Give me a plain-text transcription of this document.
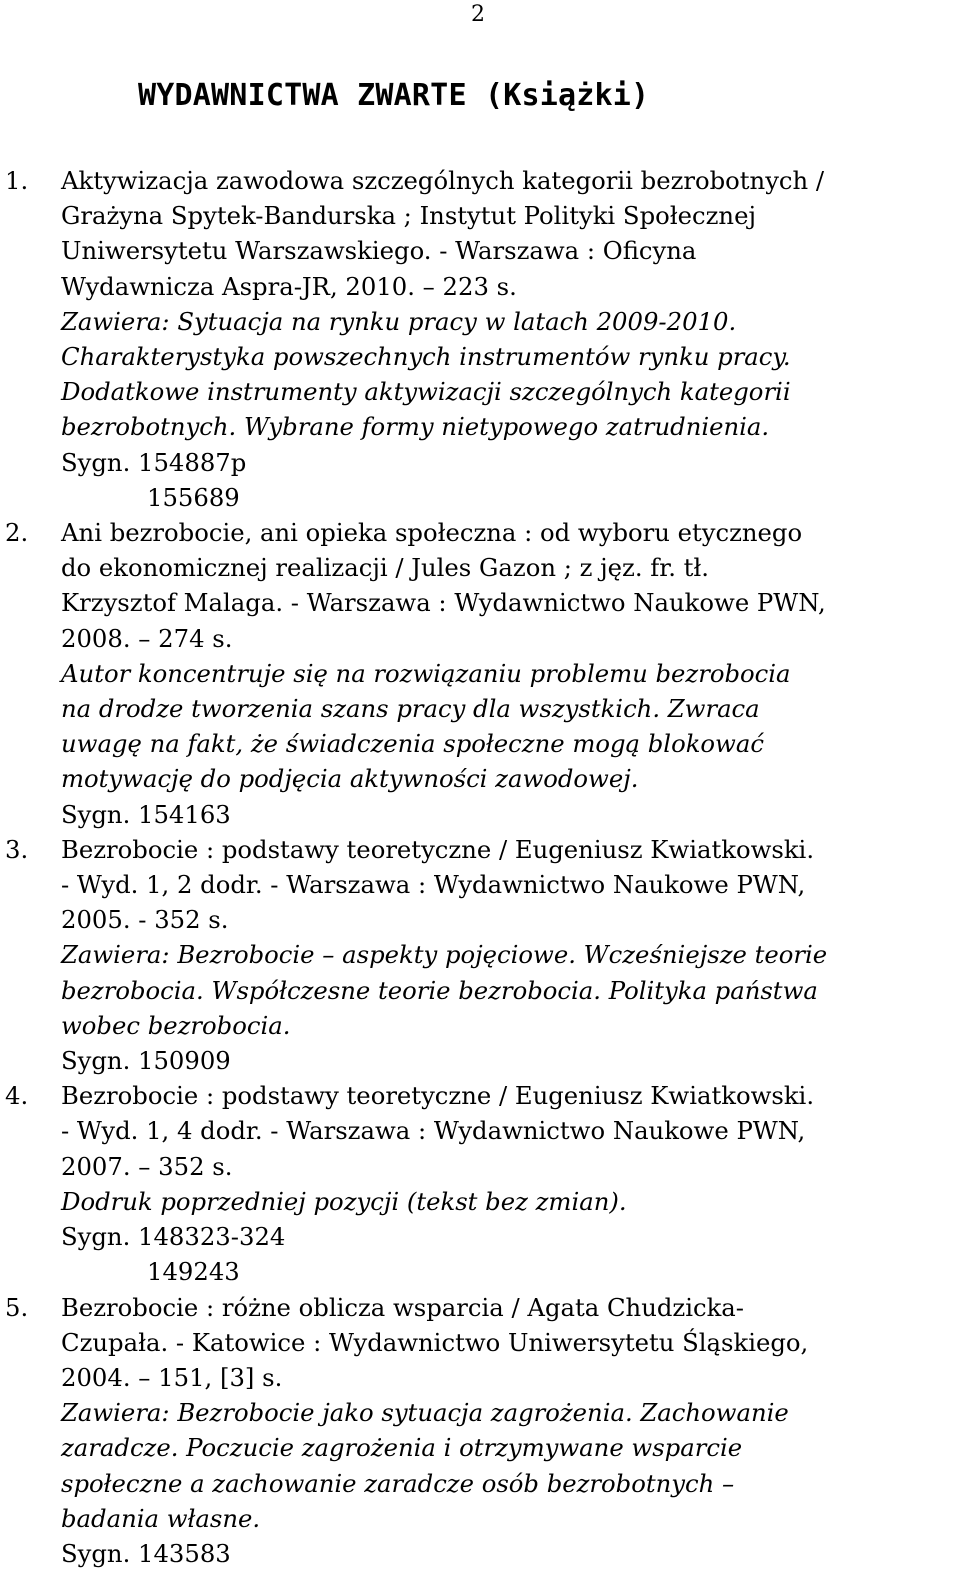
2
WYDAWNICTWA ZWARTE (Książki)
1. Aktywizacja zawodowa szczególnych kategorii bezrobotnych /
Grażyna Spytek-Bandurska ; Instytut Polityki Społecznej
Uniwersytetu Warszawskiego. - Warszawa : Oficyna
Wydawnicza Aspra-JR, 2010. – 223 s.
Zawiera: Sytuacja na rynku pracy w latach 2009-2010.
Charakterystyka powszechnych instrumentów rynku pracy.
Dodatkowe instrumenty aktywizacji szczególnych kategorii
bezrobotnych. Wybrane formy nietypowego zatrudnienia.
Sygn. 154887p
155689
2. Ani bezrobocie, ani opieka społeczna : od wyboru etycznego
do ekonomicznej realizacji / Jules Gazon ; z jęz. fr. tł.
Krzysztof Malaga. - Warszawa : Wydawnictwo Naukowe PWN,
2008. – 274 s.
Autor koncentruje się na rozwiązaniu problemu bezrobocia
na drodze tworzenia szans pracy dla wszystkich. Zwraca
uwagę na fakt, że świadczenia społeczne mogą blokować
motywację do podjęcia aktywności zawodowej.
Sygn. 154163
3. Bezrobocie : podstawy teoretyczne / Eugeniusz Kwiatkowski.
- Wyd. 1, 2 dodr. - Warszawa : Wydawnictwo Naukowe PWN,
2005. - 352 s.
Zawiera: Bezrobocie – aspekty pojęciowe. Wcześniejsze teorie
bezrobocia. Współczesne teorie bezrobocia. Polityka państwa
wobec bezrobocia.
Sygn. 150909
4. Bezrobocie : podstawy teoretyczne / Eugeniusz Kwiatkowski.
- Wyd. 1, 4 dodr. - Warszawa : Wydawnictwo Naukowe PWN,
2007. – 352 s.
Dodruk poprzedniej pozycji (tekst bez zmian).
Sygn. 148323-324
149243
5. Bezrobocie : różne oblicza wsparcia / Agata Chudzicka-
Czupała. - Katowice : Wydawnictwo Uniwersytetu Śląskiego,
2004. – 151, [3] s.
Zawiera: Bezrobocie jako sytuacja zagrożenia. Zachowanie
zaradcze. Poczucie zagrożenia i otrzymywane wsparcie
społeczne a zachowanie zaradcze osób bezrobotnych –
badania własne.
Sygn. 143583
